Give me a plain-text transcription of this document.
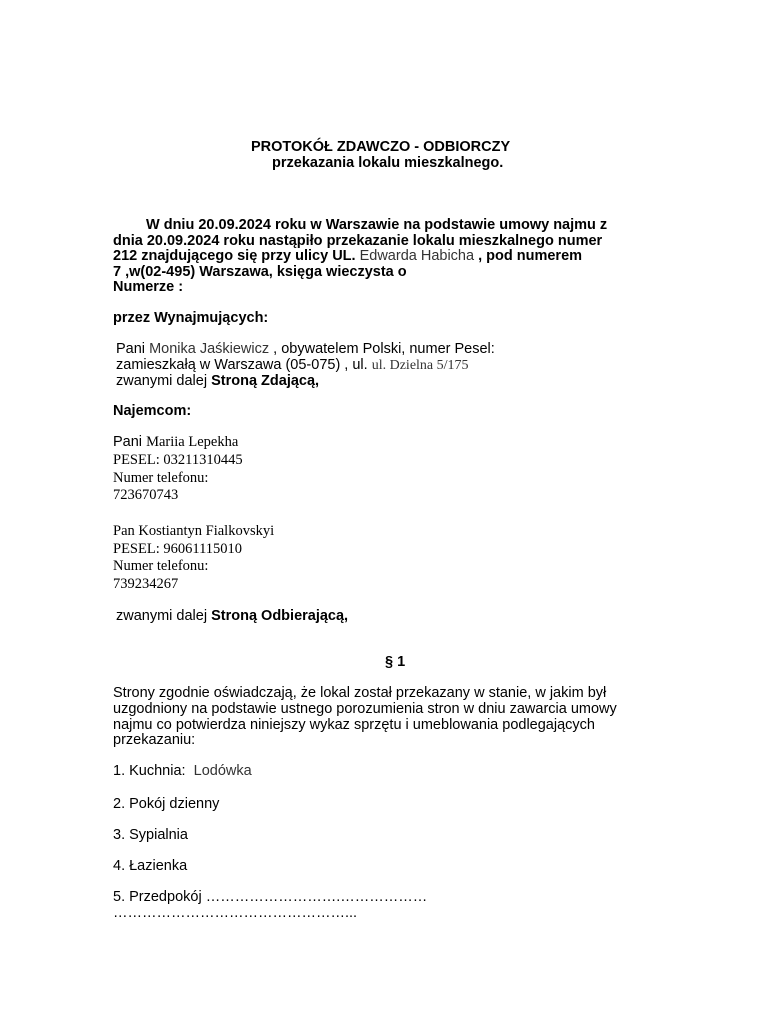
PROTOKÓŁ ZDAWCZO - ODBIORCZY
przekazania lokalu mieszkalnego.
W dniu 20.09.2024 roku w Warszawie na podstawie umowy najmu z
dnia 20.09.2024 roku nastąpiło przekazanie lokalu mieszkalnego numer
212 znajdującego się przy ulicy UL. Edwarda Habicha , pod numerem
7 ,w(02-495) Warszawa, księga wieczysta o
Numerze :
przez Wynajmujących:
Pani Monika Jaśkiewicz , obywatelem Polski, numer Pesel:
zamieszkałą w Warszawa (05-075) , ul. ul. Dzielna 5/175
zwanymi dalej Stroną Zdającą,
Najemcom:
Pani Mariia Lepekha
PESEL: 03211310445
Numer telefonu:
723670743
Pan Kostiantyn Fialkovskyi
PESEL: 96061115010
Numer telefonu:
739234267
zwanymi dalej Stroną Odbierającą,
§ 1
Strony zgodnie oświadczają, że lokal został przekazany w stanie, w jakim był
uzgodniony na podstawie ustnego porozumienia stron w dniu zawarcia umowy
najmu co potwierdza niniejszy wykaz sprzętu i umeblowania podlegających
przekazaniu:
1. Kuchnia: Lodówka
2. Pokój dzienny
3. Sypialnia
4. Łazienka
5. Przedpokój ……………………….………………
…………………………………………...
